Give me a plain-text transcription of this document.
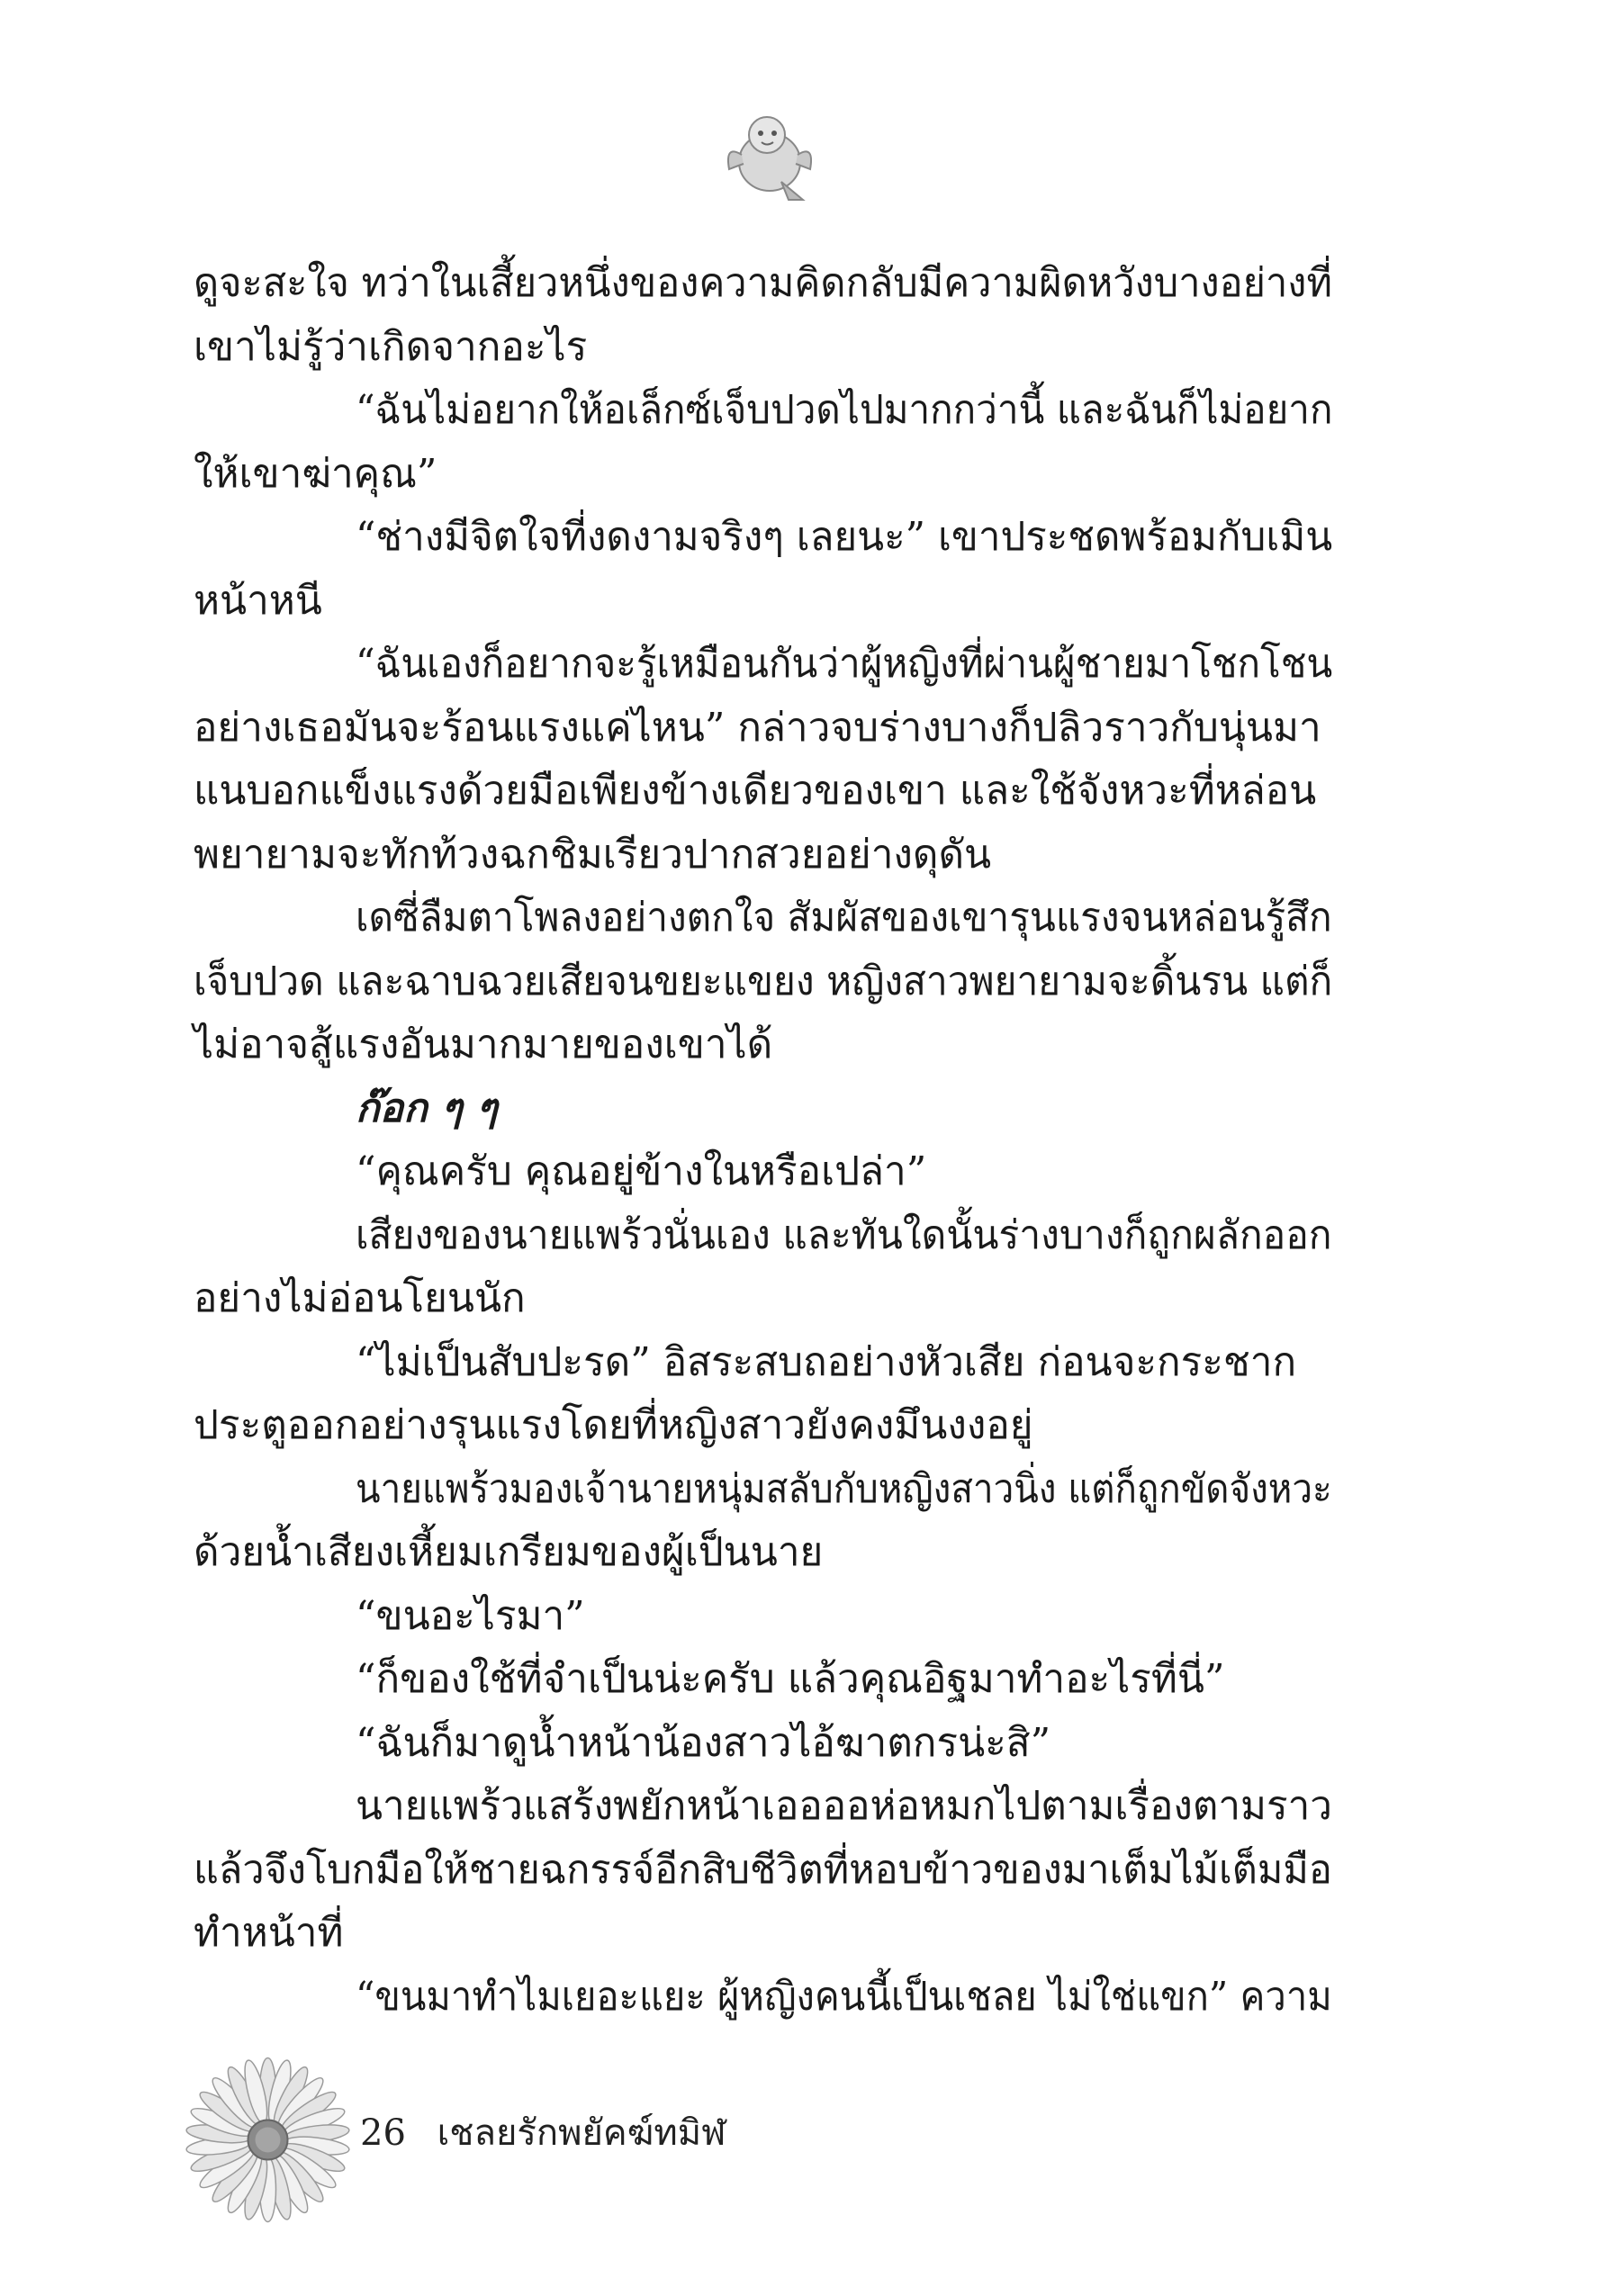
ดูจะสะใจ ทว่าในเสี้ยวหนึ่งของความคิดกลับมีความผิดหวังบางอย่างที่
เขาไม่รู้ว่าเกิดจากอะไร
“ฉันไม่อยากให้อเล็กซ์เจ็บปวดไปมากกว่านี้ และฉันก็ไม่อยาก
ให้เขาฆ่าคุณ”
“ช่างมีจิตใจที่งดงามจริงๆ เลยนะ” เขาประชดพร้อมกับเมิน
หน้าหนี
“ฉันเองก็อยากจะรู้เหมือนกันว่าผู้หญิงที่ผ่านผู้ชายมาโชกโชน
อย่างเธอมันจะร้อนแรงแค่ไหน” กล่าวจบร่างบางก็ปลิวราวกับนุ่นมา
แนบอกแข็งแรงด้วยมือเพียงข้างเดียวของเขา และใช้จังหวะที่หล่อน
พยายามจะทักท้วงฉกชิมเรียวปากสวยอย่างดุดัน
เดซี่ลืมตาโพลงอย่างตกใจ สัมผัสของเขารุนแรงจนหล่อนรู้สึก
เจ็บปวด และฉาบฉวยเสียจนขยะแขยง หญิงสาวพยายามจะดิ้นรน แต่ก็
ไม่อาจสู้แรงอันมากมายของเขาได้
ก๊อก ๆ ๆ
“คุณครับ คุณอยู่ข้างในหรือเปล่า”
เสียงของนายแพร้วนั่นเอง และทันใดนั้นร่างบางก็ถูกผลักออก
อย่างไม่อ่อนโยนนัก
“ไม่เป็นสับปะรด” อิสระสบถอย่างหัวเสีย ก่อนจะกระชาก
ประตูออกอย่างรุนแรงโดยที่หญิงสาวยังคงมึนงงอยู่
นายแพร้วมองเจ้านายหนุ่มสลับกับหญิงสาวนิ่ง แต่ก็ถูกขัดจังหวะ
ด้วยน้ำเสียงเหี้ยมเกรียมของผู้เป็นนาย
“ขนอะไรมา”
“ก็ของใช้ที่จำเป็นน่ะครับ แล้วคุณอิฐมาทำอะไรที่นี่”
“ฉันก็มาดูน้ำหน้าน้องสาวไอ้ฆาตกรน่ะสิ”
นายแพร้วแสร้งพยักหน้าเออออห่อหมกไปตามเรื่องตามราว
แล้วจึงโบกมือให้ชายฉกรรจ์อีกสิบชีวิตที่หอบข้าวของมาเต็มไม้เต็มมือ
ทำหน้าที่
“ขนมาทำไมเยอะแยะ ผู้หญิงคนนี้เป็นเชลย ไม่ใช่แขก” ความ
26 เชลยรักพยัคฆ์ทมิฬ
